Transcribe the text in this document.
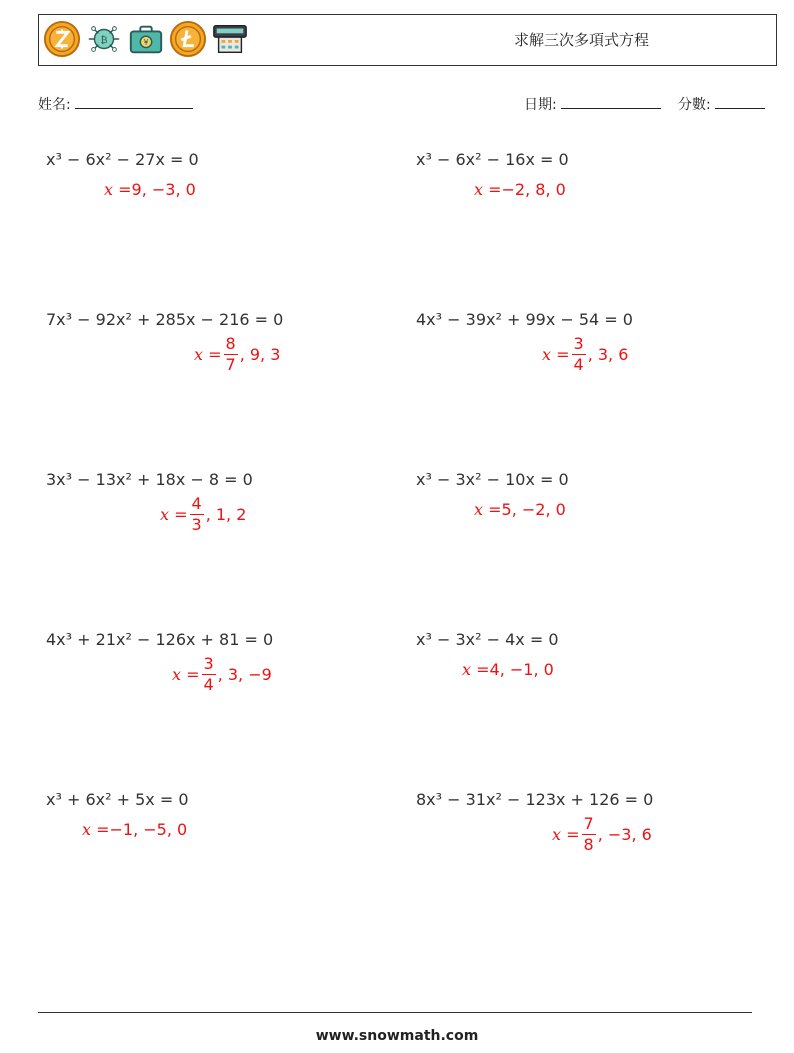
₿	¥	求解三次多項式方程
姓名:	日期:	分數:
x³ − 6x² − 27x = 0
x = 9, −3, 0
x³ − 6x² − 16x = 0
x = −2, 8, 0
7x³ − 92x² + 285x − 216 = 0
$x = \frac{8}{7}$ , 9, 3
4x³ − 39x² + 99x − 54 = 0
$x = \frac{3}{4}$ , 3, 6
3x³ − 13x² + 18x − 8 = 0
$x = \frac{4}{3}$ , 1, 2
x³ − 3x² − 10x = 0
x = 5, −2, 0
4x³ + 21x² − 126x + 81 = 0
$x = \frac{3}{4}$ , 3, −9
x³ − 3x² − 4x = 0
x = 4, −1, 0
x³ + 6x² + 5x = 0
x = −1, −5, 0
8x³ − 31x² − 123x + 126 = 0
$x = \frac{7}{8}$ , −3, 6
www.snowmath.com
